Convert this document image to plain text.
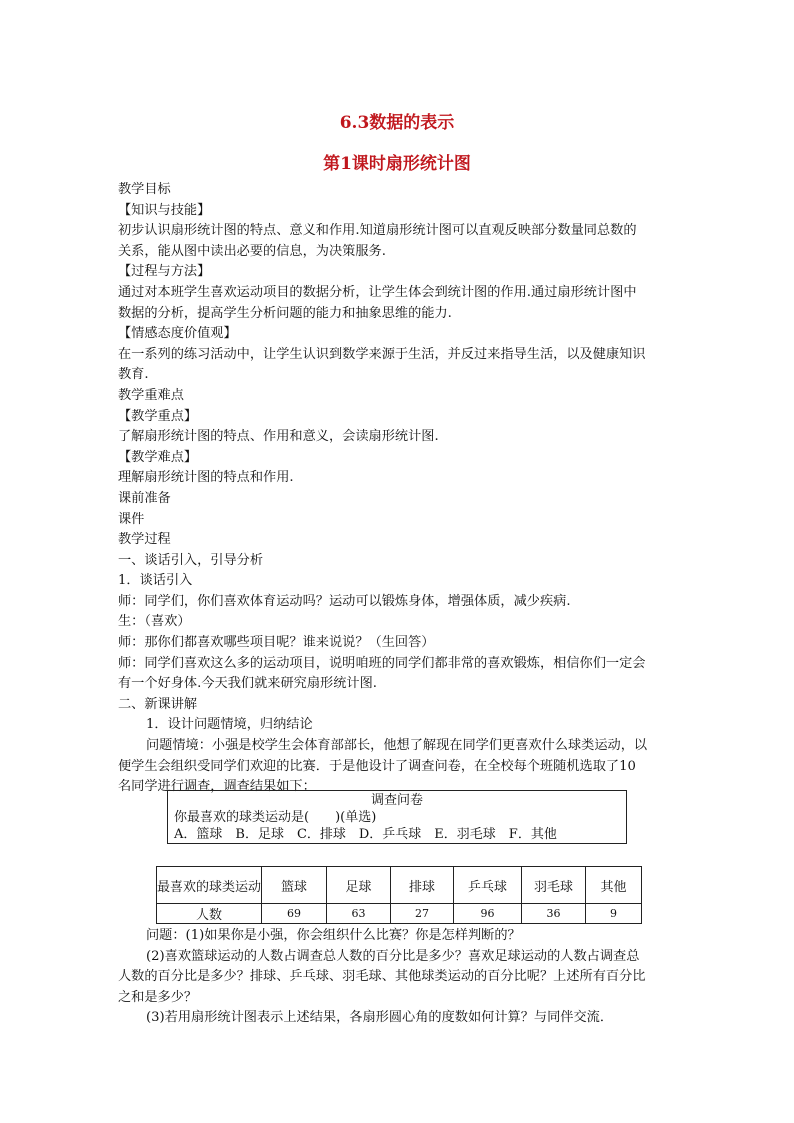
6.3数据的表示
第1课时扇形统计图
教学目标
【知识与技能】
初步认识扇形统计图的特点、意义和作用.知道扇形统计图可以直观反映部分数量同总数的
关系，能从图中读出必要的信息，为决策服务.
【过程与方法】
通过对本班学生喜欢运动项目的数据分析，让学生体会到统计图的作用.通过扇形统计图中
数据的分析，提高学生分析问题的能力和抽象思维的能力.
【情感态度价值观】
在一系列的练习活动中，让学生认识到数学来源于生活，并反过来指导生活，以及健康知识
教育.
教学重难点
【教学重点】
了解扇形统计图的特点、作用和意义，会读扇形统计图.
【教学难点】
理解扇形统计图的特点和作用.
课前准备
课件
教学过程
一、谈话引入，引导分析
1．谈话引入
师：同学们，你们喜欢体育运动吗？运动可以锻炼身体，增强体质，减少疾病.
生：（喜欢）
师：那你们都喜欢哪些项目呢？谁来说说？（生回答）
师：同学们喜欢这么多的运动项目，说明咱班的同学们都非常的喜欢锻炼，相信你们一定会
有一个好身体.今天我们就来研究扇形统计图.
二、新课讲解
1．设计问题情境，归纳结论
问题情境：小强是校学生会体育部部长，他想了解现在同学们更喜欢什么球类运动，以
便学生会组织受同学们欢迎的比赛．于是他设计了调查问卷，在全校每个班随机选取了10
名同学进行调查，调查结果如下：
调查问卷
你最喜欢的球类运动是(　　)(单选)
A．篮球　B．足球　C．排球　D．乒乓球　E．羽毛球　F．其他
最喜欢的球类运动	篮球	足球	排球	乒乓球	羽毛球	其他
人数	69	63	27	96	36	9
问题：(1)如果你是小强，你会组织什么比赛？你是怎样判断的？
(2)喜欢篮球运动的人数占调查总人数的百分比是多少？喜欢足球运动的人数占调查总
人数的百分比是多少？排球、乒乓球、羽毛球、其他球类运动的百分比呢？上述所有百分比
之和是多少？
(3)若用扇形统计图表示上述结果，各扇形圆心角的度数如何计算？与同伴交流．
